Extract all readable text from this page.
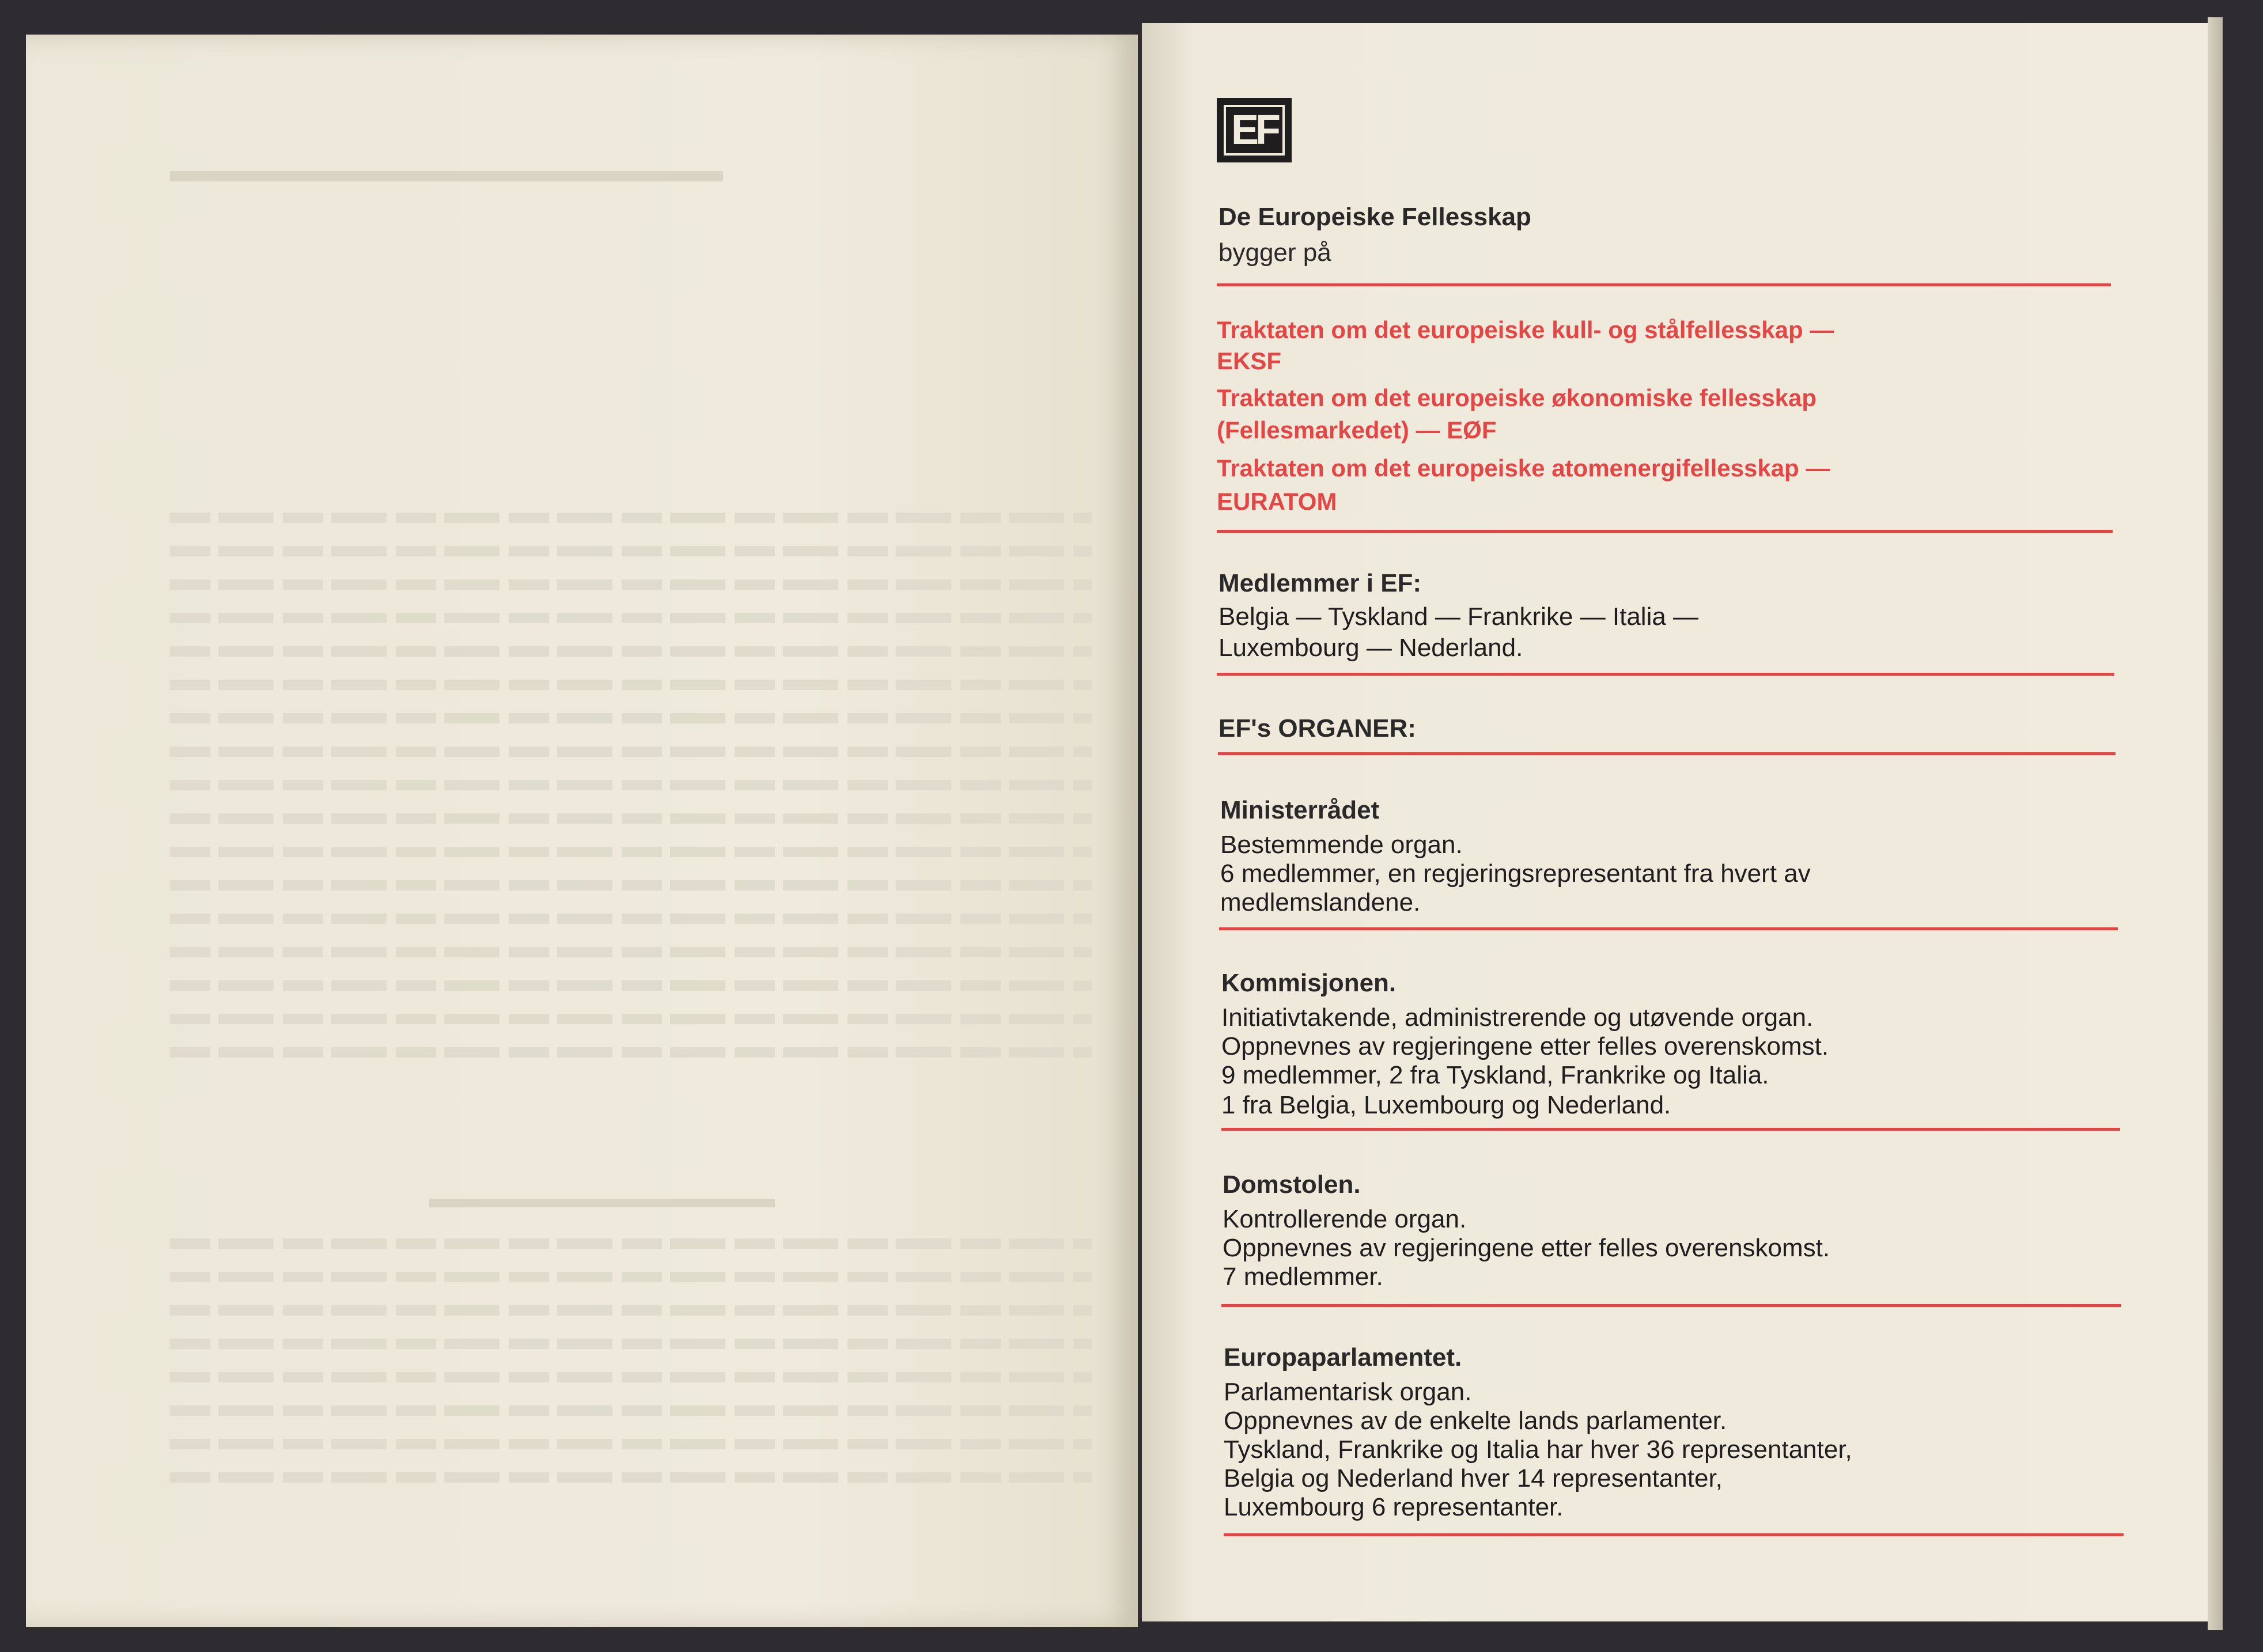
▬▬▬▬▬▬▬▬▬▬▬▬▬▬▬▬
▬▬▬▬▬▬▬▬▬▬▬▬
EF
De Europeiske Fellesskap
bygger på
Traktaten om det europeiske kull- og stålfellesskap —
EKSF
Traktaten om det europeiske økonomiske fellesskap
(Fellesmarkedet) — EØF
Traktaten om det europeiske atomenergifellesskap —
EURATOM
Medlemmer i EF:
Belgia — Tyskland — Frankrike — Italia —
Luxembourg — Nederland.
EF's ORGANER:
Ministerrådet
Bestemmende organ.
6 medlemmer, en regjeringsrepresentant fra hvert av
medlemslandene.
Kommisjonen.
Initiativtakende, administrerende og utøvende organ.
Oppnevnes av regjeringene etter felles overenskomst.
9 medlemmer, 2 fra Tyskland, Frankrike og Italia.
1 fra Belgia, Luxembourg og Nederland.
Domstolen.
Kontrollerende organ.
Oppnevnes av regjeringene etter felles overenskomst.
7 medlemmer.
Europaparlamentet.
Parlamentarisk organ.
Oppnevnes av de enkelte lands parlamenter.
Tyskland, Frankrike og Italia har hver 36 representanter,
Belgia og Nederland hver 14 representanter,
Luxembourg 6 representanter.
